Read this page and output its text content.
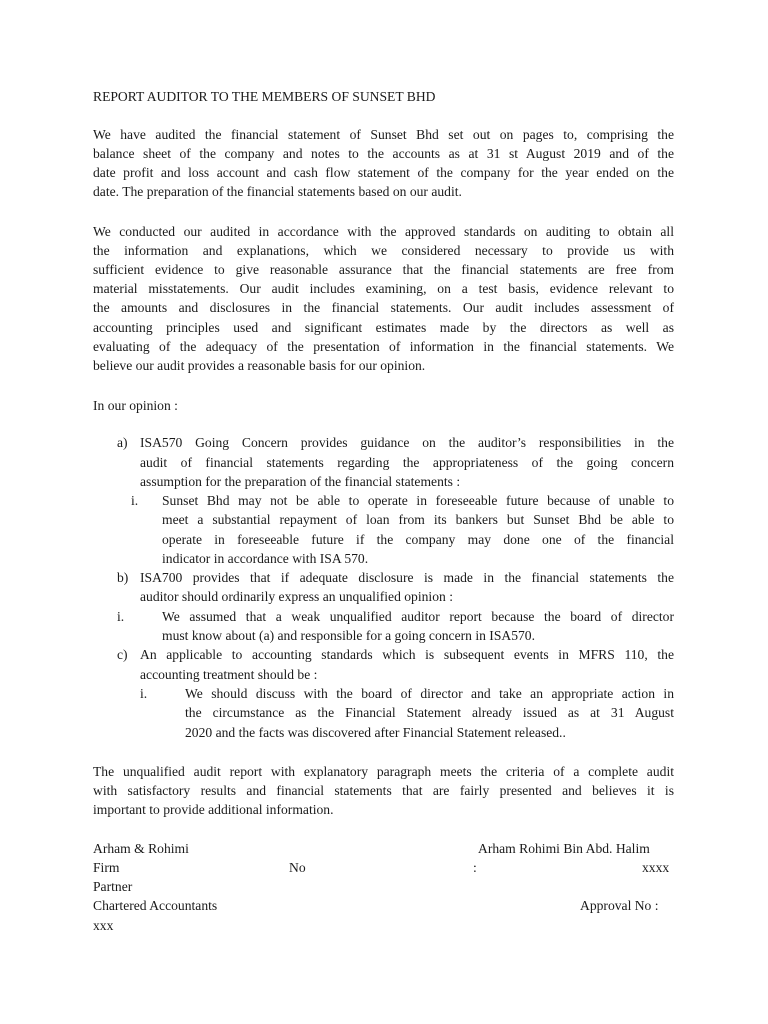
REPORT AUDITOR TO THE MEMBERS OF SUNSET BHD
We have audited the financial statement of Sunset Bhd set out on pages to, comprising the
balance sheet of the company and notes to the accounts as at 31 st August 2019 and of the
date profit and loss account and cash flow statement of the company for the year ended on the
date. The preparation of the financial statements based on our audit.
We conducted our audited in accordance with the approved standards on auditing to obtain all
the information and explanations, which we considered necessary to provide us with
sufficient evidence to give reasonable assurance that the financial statements are free from
material misstatements. Our audit includes examining, on a test basis, evidence relevant to
the amounts and disclosures in the financial statements. Our audit includes assessment of
accounting principles used and significant estimates made by the directors as well as
evaluating of the adequacy of the presentation of information in the financial statements. We
believe our audit provides a reasonable basis for our opinion.
In our opinion :
a) ISA570 Going Concern provides guidance on the auditor’s responsibilities in the
audit of financial statements regarding the appropriateness of the going concern
assumption for the preparation of the financial statements :
i. Sunset Bhd may not be able to operate in foreseeable future because of unable to
meet a substantial repayment of loan from its bankers but Sunset Bhd be able to
operate in foreseeable future if the company may done one of the financial
indicator in accordance with ISA 570.
b) ISA700 provides that if adequate disclosure is made in the financial statements the
auditor should ordinarily express an unqualified opinion :
i.	We assumed that a weak unqualified auditor report because the board of director
must know about (a) and responsible for a going concern in ISA570.
c) An applicable to accounting standards which is subsequent events in MFRS 110, the
accounting treatment should be :
i.	We should discuss with the board of director and take an appropriate action in
the circumstance as the Financial Statement already issued as at 31 August
2020 and the facts was discovered after Financial Statement released..
The unqualified audit report with explanatory paragraph meets the criteria of a complete audit
with satisfactory results and financial statements that are fairly presented and believes it is
important to provide additional information.
Arham & Rohimi	Arham Rohimi Bin Abd. Halim
Firm	No	:	xxxx
Partner
Chartered Accountants	Approval No :
xxx
